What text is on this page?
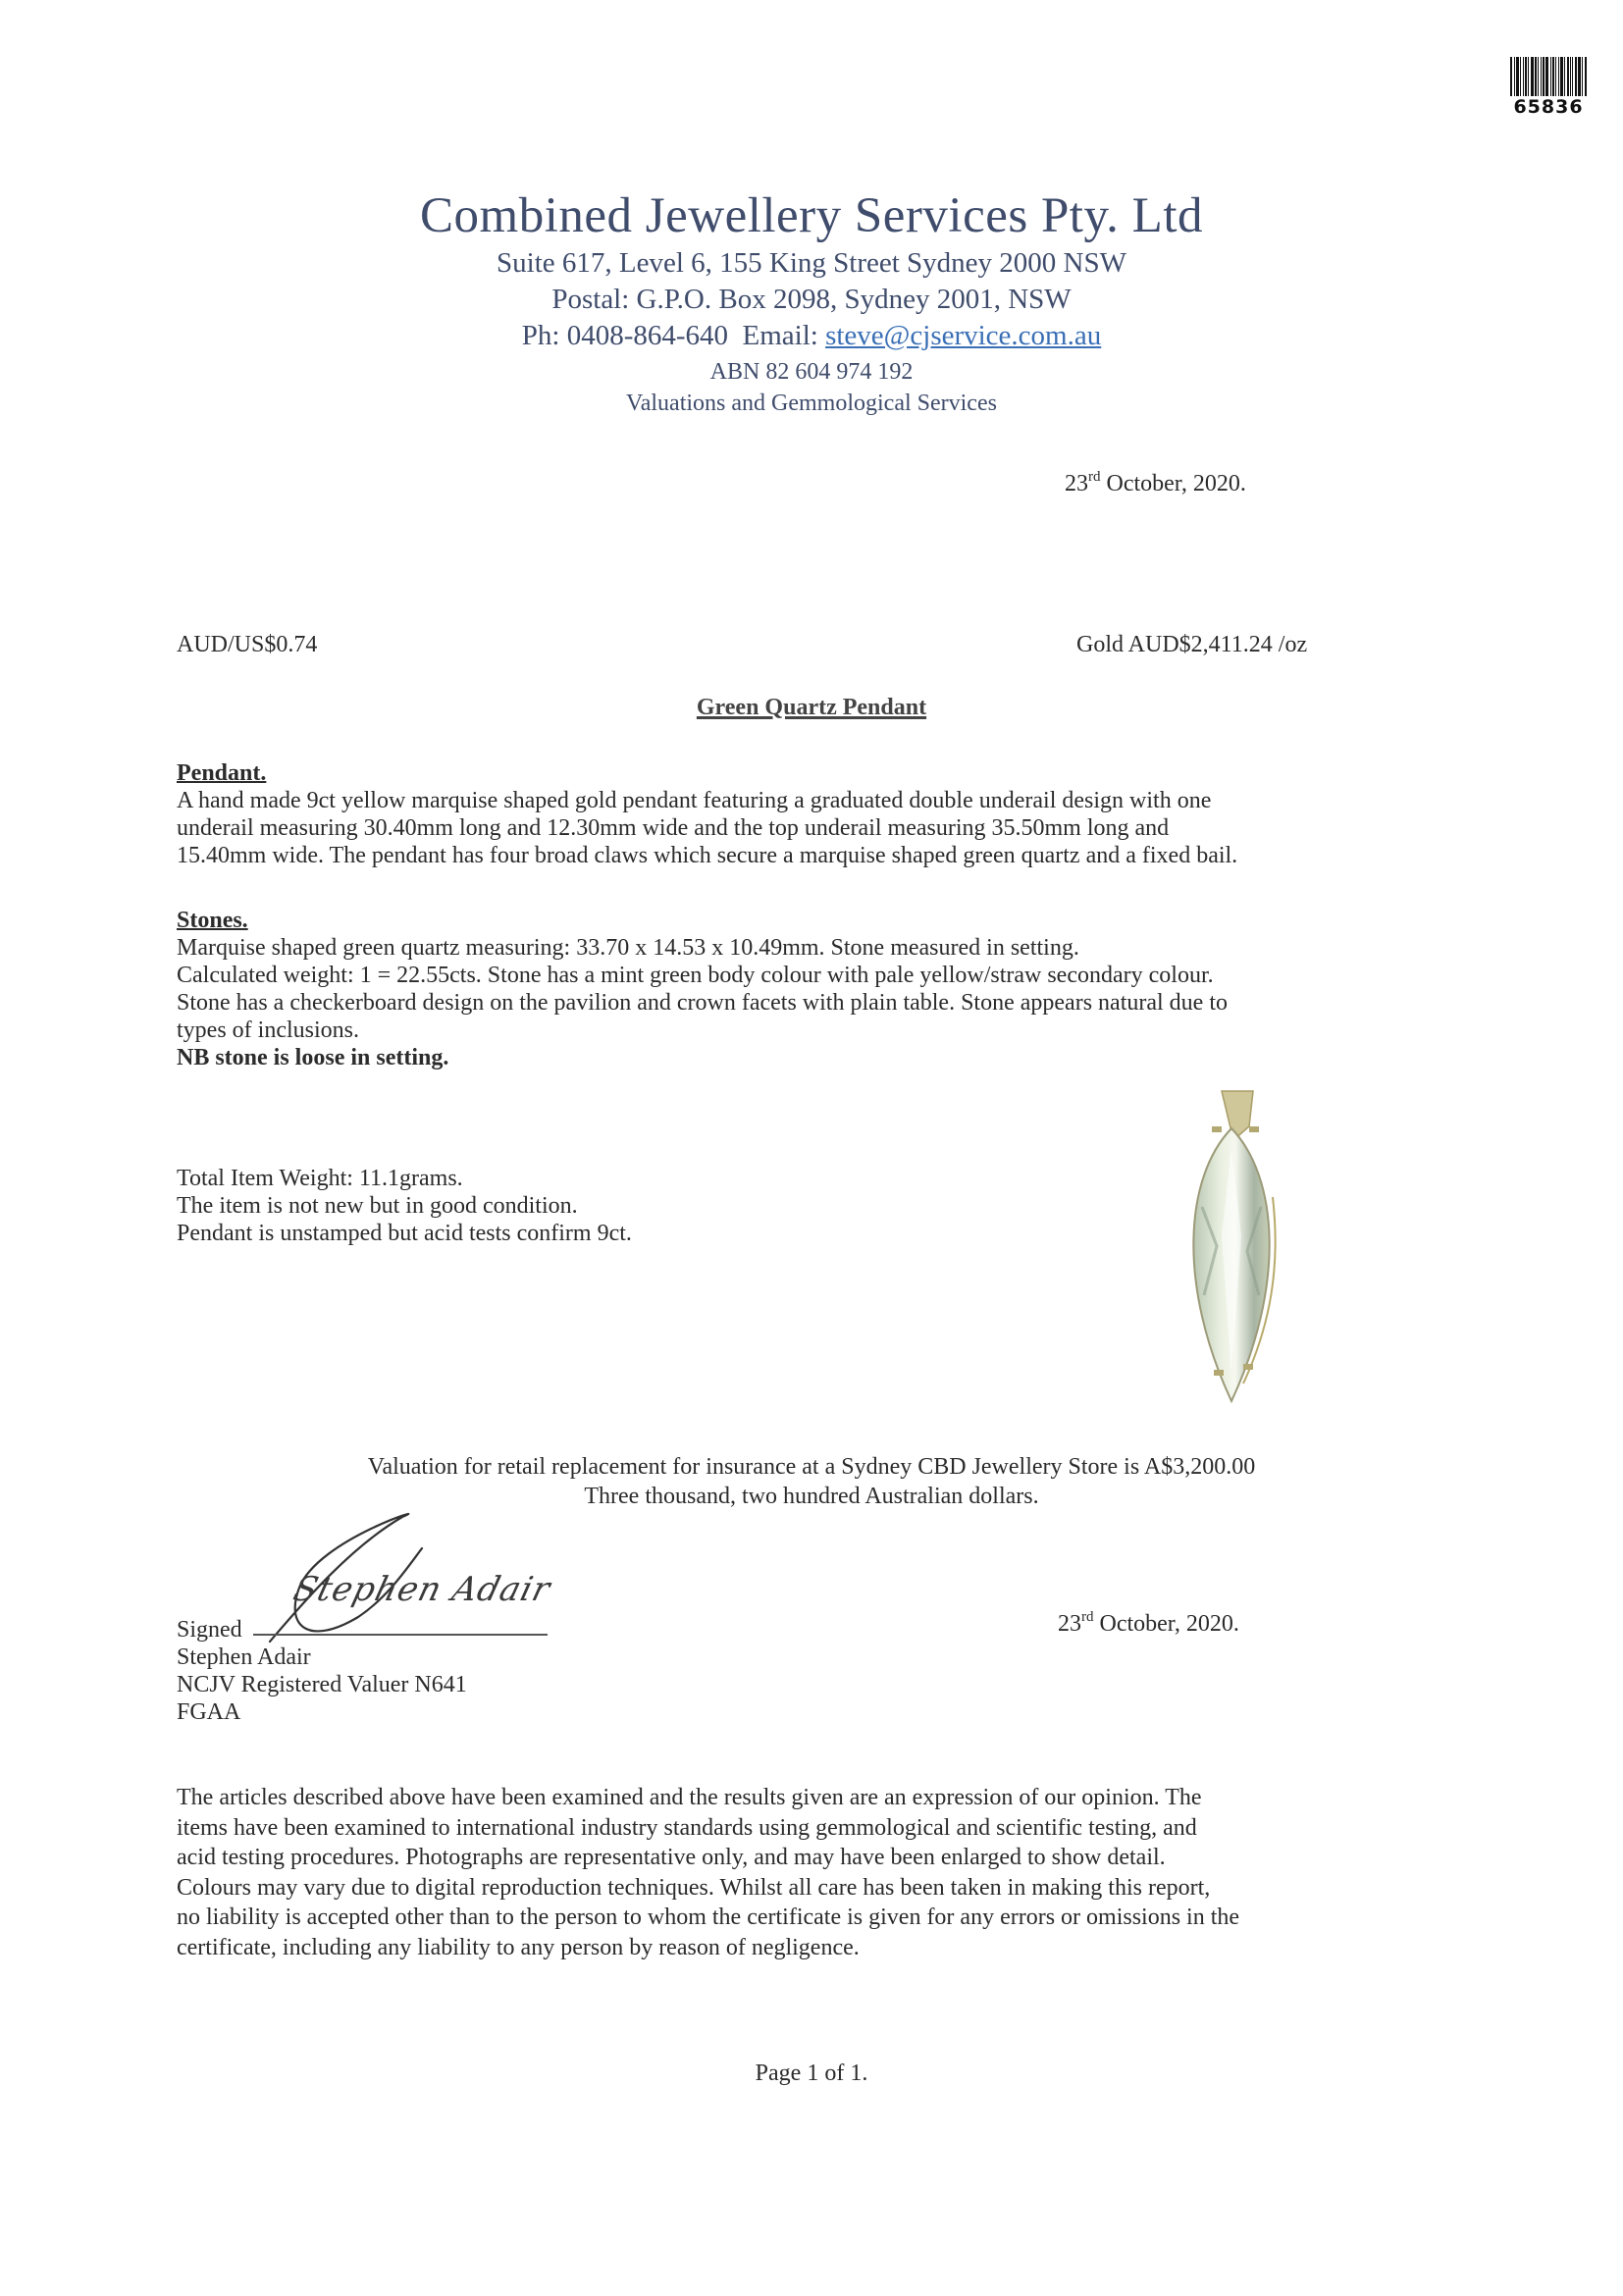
65836
Combined Jewellery Services Pty. Ltd
Suite 617, Level 6, 155 King Street Sydney 2000 NSW
Postal: G.P.O. Box 2098, Sydney 2001, NSW
Ph: 0408-864-640 Email: steve@cjservice.com.au
ABN 82 604 974 192
Valuations and Gemmological Services
23rd October, 2020.
AUD/US$0.74	Gold AUD$2,411.24 /oz
Green Quartz Pendant
Pendant.

A hand made 9ct yellow marquise shaped gold pendant featuring a graduated double underail design with one

underail measuring 30.40mm long and 12.30mm wide and the top underail measuring 35.50mm long and

15.40mm wide. The pendant has four broad claws which secure a marquise shaped green quartz and a fixed bail.

Stones.

Marquise shaped green quartz measuring: 33.70 x 14.53 x 10.49mm. Stone measured in setting.

Calculated weight: 1 = 22.55cts. Stone has a mint green body colour with pale yellow/straw secondary colour.

Stone has a checkerboard design on the pavilion and crown facets with plain table. Stone appears natural due to

types of inclusions.

NB stone is loose in setting.

Total Item Weight: 11.1grams.

The item is not new but in good condition.

Pendant is unstamped but acid tests confirm 9ct.

Valuation for retail replacement for insurance at a Sydney CBD Jewellery Store is A$3,200.00
Three thousand, two hundred Australian dollars.
Stephen Adair
Signed
Stephen Adair
NCJV Registered Valuer N641
FGAA
23rd October, 2020.
The articles described above have been examined and the results given are an expression of our opinion. The
items have been examined to international industry standards using gemmological and scientific testing, and
acid testing procedures. Photographs are representative only, and may have been enlarged to show detail.
Colours may vary due to digital reproduction techniques. Whilst all care has been taken in making this report,
no liability is accepted other than to the person to whom the certificate is given for any errors or omissions in the
certificate, including any liability to any person by reason of negligence.
Page 1 of 1.
